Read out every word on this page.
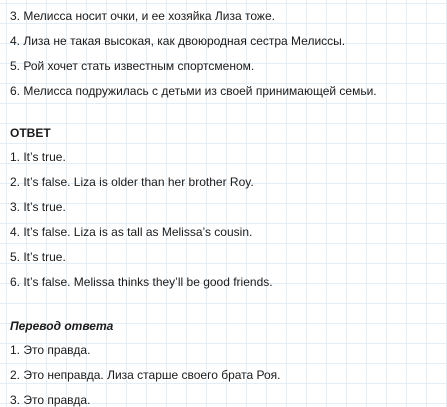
3. Мелисса носит очки, и ее хозяйка Лиза тоже.
4. Лиза не такая высокая, как двоюродная сестра Мелиссы.
5. Рой хочет стать известным спортсменом.
6. Мелисса подружилась с детьми из своей принимающей семьи.
ОТВЕТ
1. It’s true.
2. It’s false. Liza is older than her brother Roy.
3. It’s true.
4. It’s false. Liza is as tall as Melissa’s cousin.
5. It’s true.
6. It’s false. Melissa thinks they’ll be good friends.
Перевод ответа
1. Это правда.
2. Это неправда. Лиза старше своего брата Роя.
3. Это правда.
